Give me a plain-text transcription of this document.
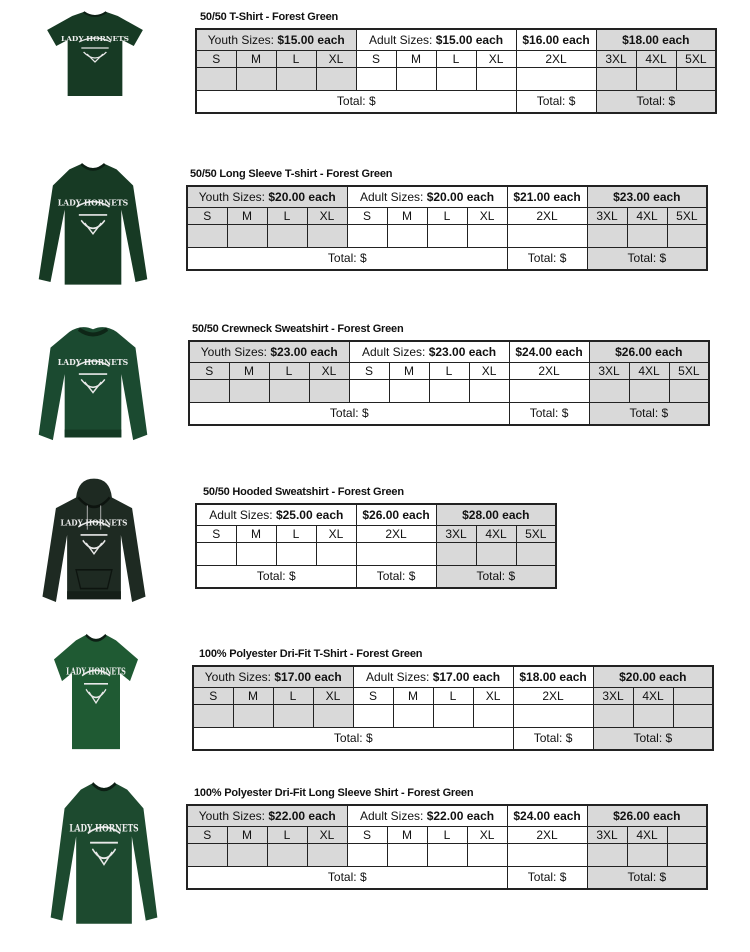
50/50 T-Shirt - Forest Green
LADY HORNETS	Youth Sizes: $15.00 each				Adult Sizes: $15.00 each				$16.00 each	$18.00 each		
S	M	L	XL	S	M	L	XL	2XL	3XL	4XL	5XL

Total: $								Total: $	Total: $		
50/50 Long Sleeve T-shirt - Forest Green
LADY HORNETS	Youth Sizes: $20.00 each				Adult Sizes: $20.00 each				$21.00 each	$23.00 each		
S	M	L	XL	S	M	L	XL	2XL	3XL	4XL	5XL

Total: $								Total: $	Total: $		
50/50 Crewneck Sweatshirt - Forest Green
LADY HORNETS
Youth Sizes: $23.00 each				Adult Sizes: $23.00 each				$24.00 each	$26.00 each		
S	M	L	XL	S	M	L	XL	2XL	3XL	4XL	5XL

Total: $								Total: $	Total: $		
50/50 Hooded Sweatshirt - Forest Green
LADY HORNETS
Adult Sizes: $25.00 each				$26.00 each	$28.00 each		
S	M	L	XL	2XL	3XL	4XL	5XL

Total: $				Total: $	Total: $		
100% Polyester Dri-Fit T-Shirt - Forest Green
LADY HORNETS	Youth Sizes: $17.00 each				Adult Sizes: $17.00 each				$18.00 each	$20.00 each		
S	M	L	XL	S	M	L	XL	2XL	3XL	4XL	

Total: $								Total: $	Total: $		
100% Polyester Dri-Fit Long Sleeve Shirt - Forest Green
LADY HORNETS
Youth Sizes: $22.00 each				Adult Sizes: $22.00 each				$24.00 each	$26.00 each		
S	M	L	XL	S	M	L	XL	2XL	3XL	4XL	

Total: $								Total: $	Total: $		
